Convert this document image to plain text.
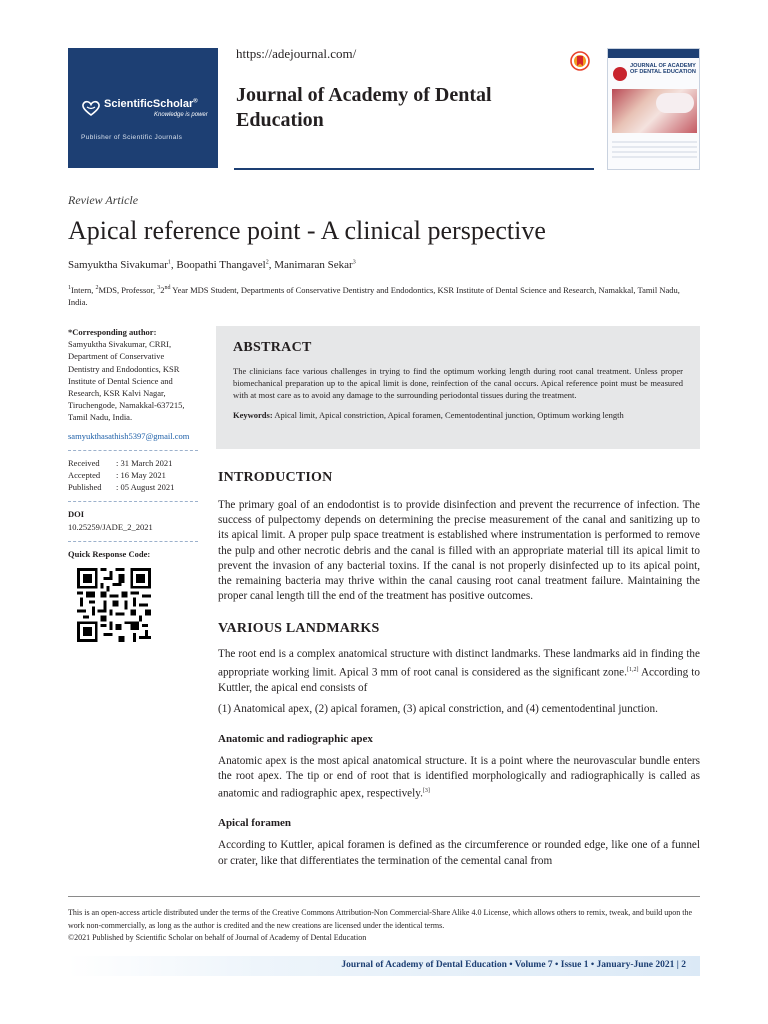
ScientificScholar®
Knowledge is power
Publisher of Scientific Journals
https://adejournal.com/
Journal of Academy of Dental Education
JOURNAL OF ACADEMY OF DENTAL EDUCATION
Review Article
Apical reference point - A clinical perspective
Samyuktha Sivakumar$^1$, Boopathi Thangavel$^2$, Manimaran Sekar$^3$
$^1$Intern, $^2$MDS, Professor, $^3$2nd Year MDS Student, Departments of Conservative Dentistry and Endodontics, KSR Institute of Dental Science and Research, Namakkal, Tamil Nadu, India.
*Corresponding author:
Samyuktha Sivakumar, CRRI, Department of Conservative Dentistry and Endodontics, KSR Institute of Dental Science and Research, KSR Kalvi Nagar, Tiruchengode, Namakkal-637215, Tamil Nadu, India.
samyukthasathish5397@gmail.com
Received	: 31 March 2021
Accepted	: 16 May 2021
Published	: 05 August 2021
DOI
10.25259/JADE_2_2021
Quick Response Code:
ABSTRACT

The clinicians face various challenges in trying to find the optimum working length during root canal treatment. Unless proper biomechanical preparation up to the apical limit is done, reinfection of the canal occurs. Apical reference point must be measured with at most care as to avoid any damage to the surrounding periodontal tissues during the treatment.

Keywords: Apical limit, Apical constriction, Apical foramen, Cementodentinal junction, Optimum working length
INTRODUCTION

The primary goal of an endodontist is to provide disinfection and prevent the recurrence of infection. The success of pulpectomy depends on determining the precise measurement of the canal and sanitizing up to its apical limit. A proper pulp space treatment is established where instrumentation is performed to remove the pulp and other necrotic debris and the canal is filled with an appropriate material till its apical limit to prevent the invasion of any bacterial toxins. If the canal is not properly disinfected up to its apical point, the remaining bacteria may thrive within the canal causing root canal treatment failure. Maintaining the proper canal length till the end of the treatment has positive outcomes.

VARIOUS LANDMARKS

The root end is a complex anatomical structure with distinct landmarks. These landmarks aid in finding the appropriate working limit. Apical 3 mm of root canal is considered as the significant zone.[1,2] According to Kuttler, the apical end consists of

(1) Anatomical apex, (2) apical foramen, (3) apical constriction, and (4) cementodentinal junction.

Anatomic and radiographic apex

Anatomic apex is the most apical anatomical structure. It is a point where the neurovascular bundle enters the root apex. The tip or end of root that is identified morphologically and radiographically is called as anatomic and radiographic apex, respectively.[3]

Apical foramen

According to Kuttler, apical foramen is defined as the circumference or rounded edge, like one of a funnel or crater, like that differentiates the termination of the cemental canal from

This is an open-access article distributed under the terms of the Creative Commons Attribution-Non Commercial-Share Alike 4.0 License, which allows others to remix, tweak, and build upon the work non-commercially, as long as the author is credited and the new creations are licensed under the identical terms.
©2021 Published by Scientific Scholar on behalf of Journal of Academy of Dental Education
Journal of Academy of Dental Education • Volume 7 • Issue 1 • January-June 2021 | 2
